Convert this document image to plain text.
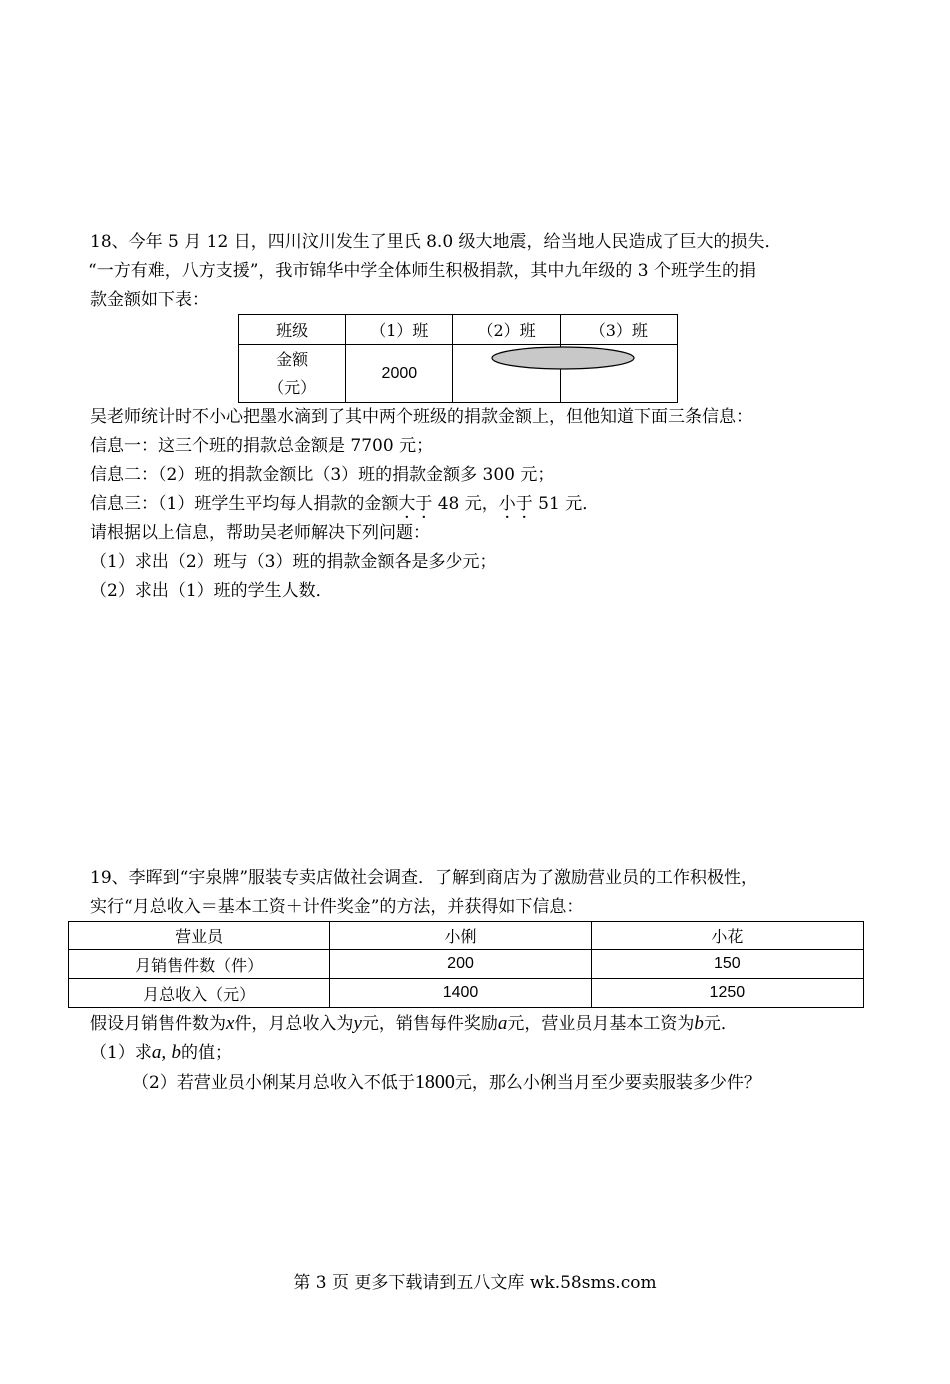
18、今年 5 月 12 日，四川汶川发生了里氏 8.0 级大地震，给当地人民造成了巨大的损失．
“一方有难，八方支援”，我市锦华中学全体师生积极捐款，其中九年级的 3 个班学生的捐
款金额如下表：
班级	（1）班	（2）班	（3）班

金额
（元）	2000		
吴老师统计时不小心把墨水滴到了其中两个班级的捐款金额上，但他知道下面三条信息：
信息一：这三个班的捐款总金额是 7700 元；
信息二：（2）班的捐款金额比（3）班的捐款金额多 300 元；
信息三：（1）班学生平均每人捐款的金额大于 48 元，小于 51 元．
请根据以上信息，帮助吴老师解决下列问题：
（1）求出（2）班与（3）班的捐款金额各是多少元；
（2）求出（1）班的学生人数．
19、李晖到“宇泉牌”服装专卖店做社会调查．了解到商店为了激励营业员的工作积极性，
实行“月总收入＝基本工资＋计件奖金”的方法，并获得如下信息：
营业员	小俐	小花
月销售件数（件）	200	150
月总收入（元）	1400	1250
假设月销售件数为x件，月总收入为y元，销售每件奖励a元，营业员月基本工资为b元．
（1）求a, b的值；
（2）若营业员小俐某月总收入不低于1800元，那么小俐当月至少要卖服装多少件？
第 3 页 更多下载请到五八文库 wk.58sms.com
